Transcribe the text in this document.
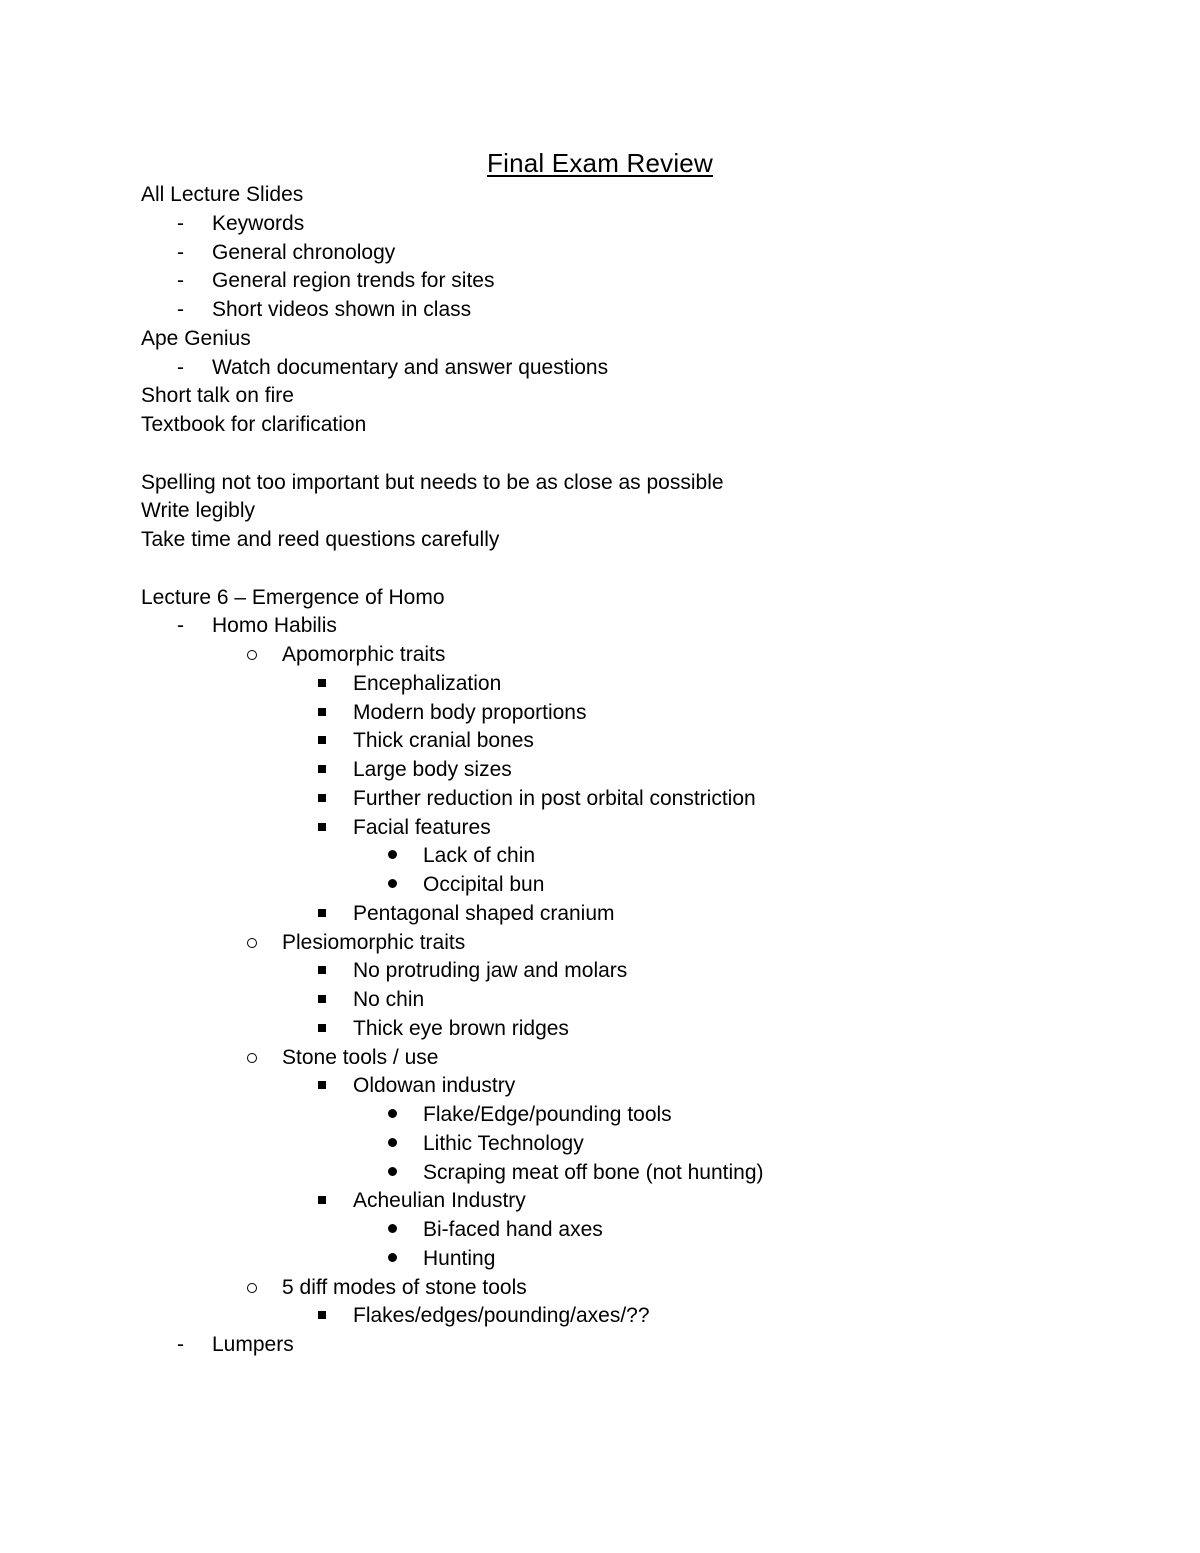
Final Exam Review
All Lecture Slides
-
Keywords
-
General chronology
-
General region trends for sites
-
Short videos shown in class
Ape Genius
-
Watch documentary and answer questions
Short talk on fire
Textbook for clarification
Spelling not too important but needs to be as close as possible
Write legibly
Take time and reed questions carefully
Lecture 6 – Emergence of Homo
-
Homo Habilis
Apomorphic traits
Encephalization
Modern body proportions
Thick cranial bones
Large body sizes
Further reduction in post orbital constriction
Facial features
Lack of chin
Occipital bun
Pentagonal shaped cranium
Plesiomorphic traits
No protruding jaw and molars
No chin
Thick eye brown ridges
Stone tools / use
Oldowan industry
Flake/Edge/pounding tools
Lithic Technology
Scraping meat off bone (not hunting)
Acheulian Industry
Bi-faced hand axes
Hunting
5 diff modes of stone tools
Flakes/edges/pounding/axes/??
-
Lumpers
